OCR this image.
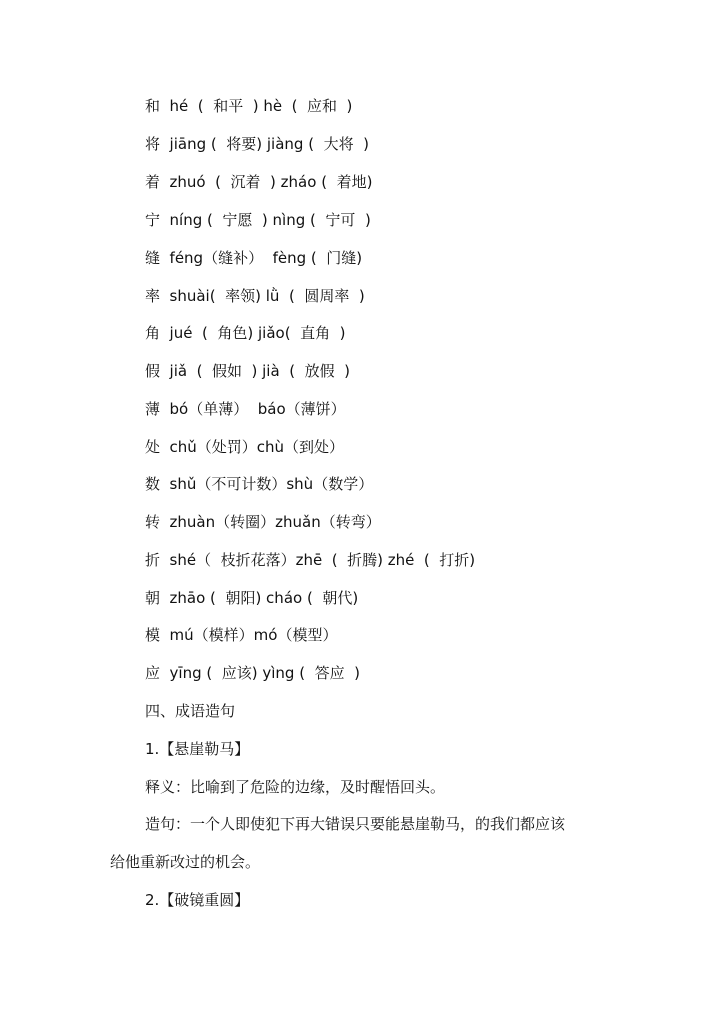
和  hé  (  和平  ) hè  (  应和  )
将  jiāng (  将要) jiàng (  大将  )
着  zhuó  (  沉着  ) zháo (  着地)
宁  níng (  宁愿  ) nìng (  宁可  )
缝  féng（缝补）  fèng (  门缝)
率  shuài(  率领) lǜ  (  圆周率  )
角  jué  (  角色) jiǎo(  直角  )
假  jiǎ  (  假如  ) jià  (  放假  )
薄  bó（单薄）  báo（薄饼）
处  chǔ（处罚）chù（到处）
数  shǔ（不可计数）shù（数学）
转  zhuàn（转圈）zhuǎn（转弯）
折  shé（  枝折花落）zhē  (  折腾) zhé  (  打折)
朝  zhāo (  朝阳) cháo (  朝代)
模  mú（模样）mó（模型）
应  yīng (  应该) yìng (  答应  )
四、成语造句
1.【悬崖勒马】
释义：比喻到了危险的边缘，及时醒悟回头。
造句：一个人即使犯下再大错误只要能悬崖勒马，的我们都应该
给他重新改过的机会。
2.【破镜重圆】
